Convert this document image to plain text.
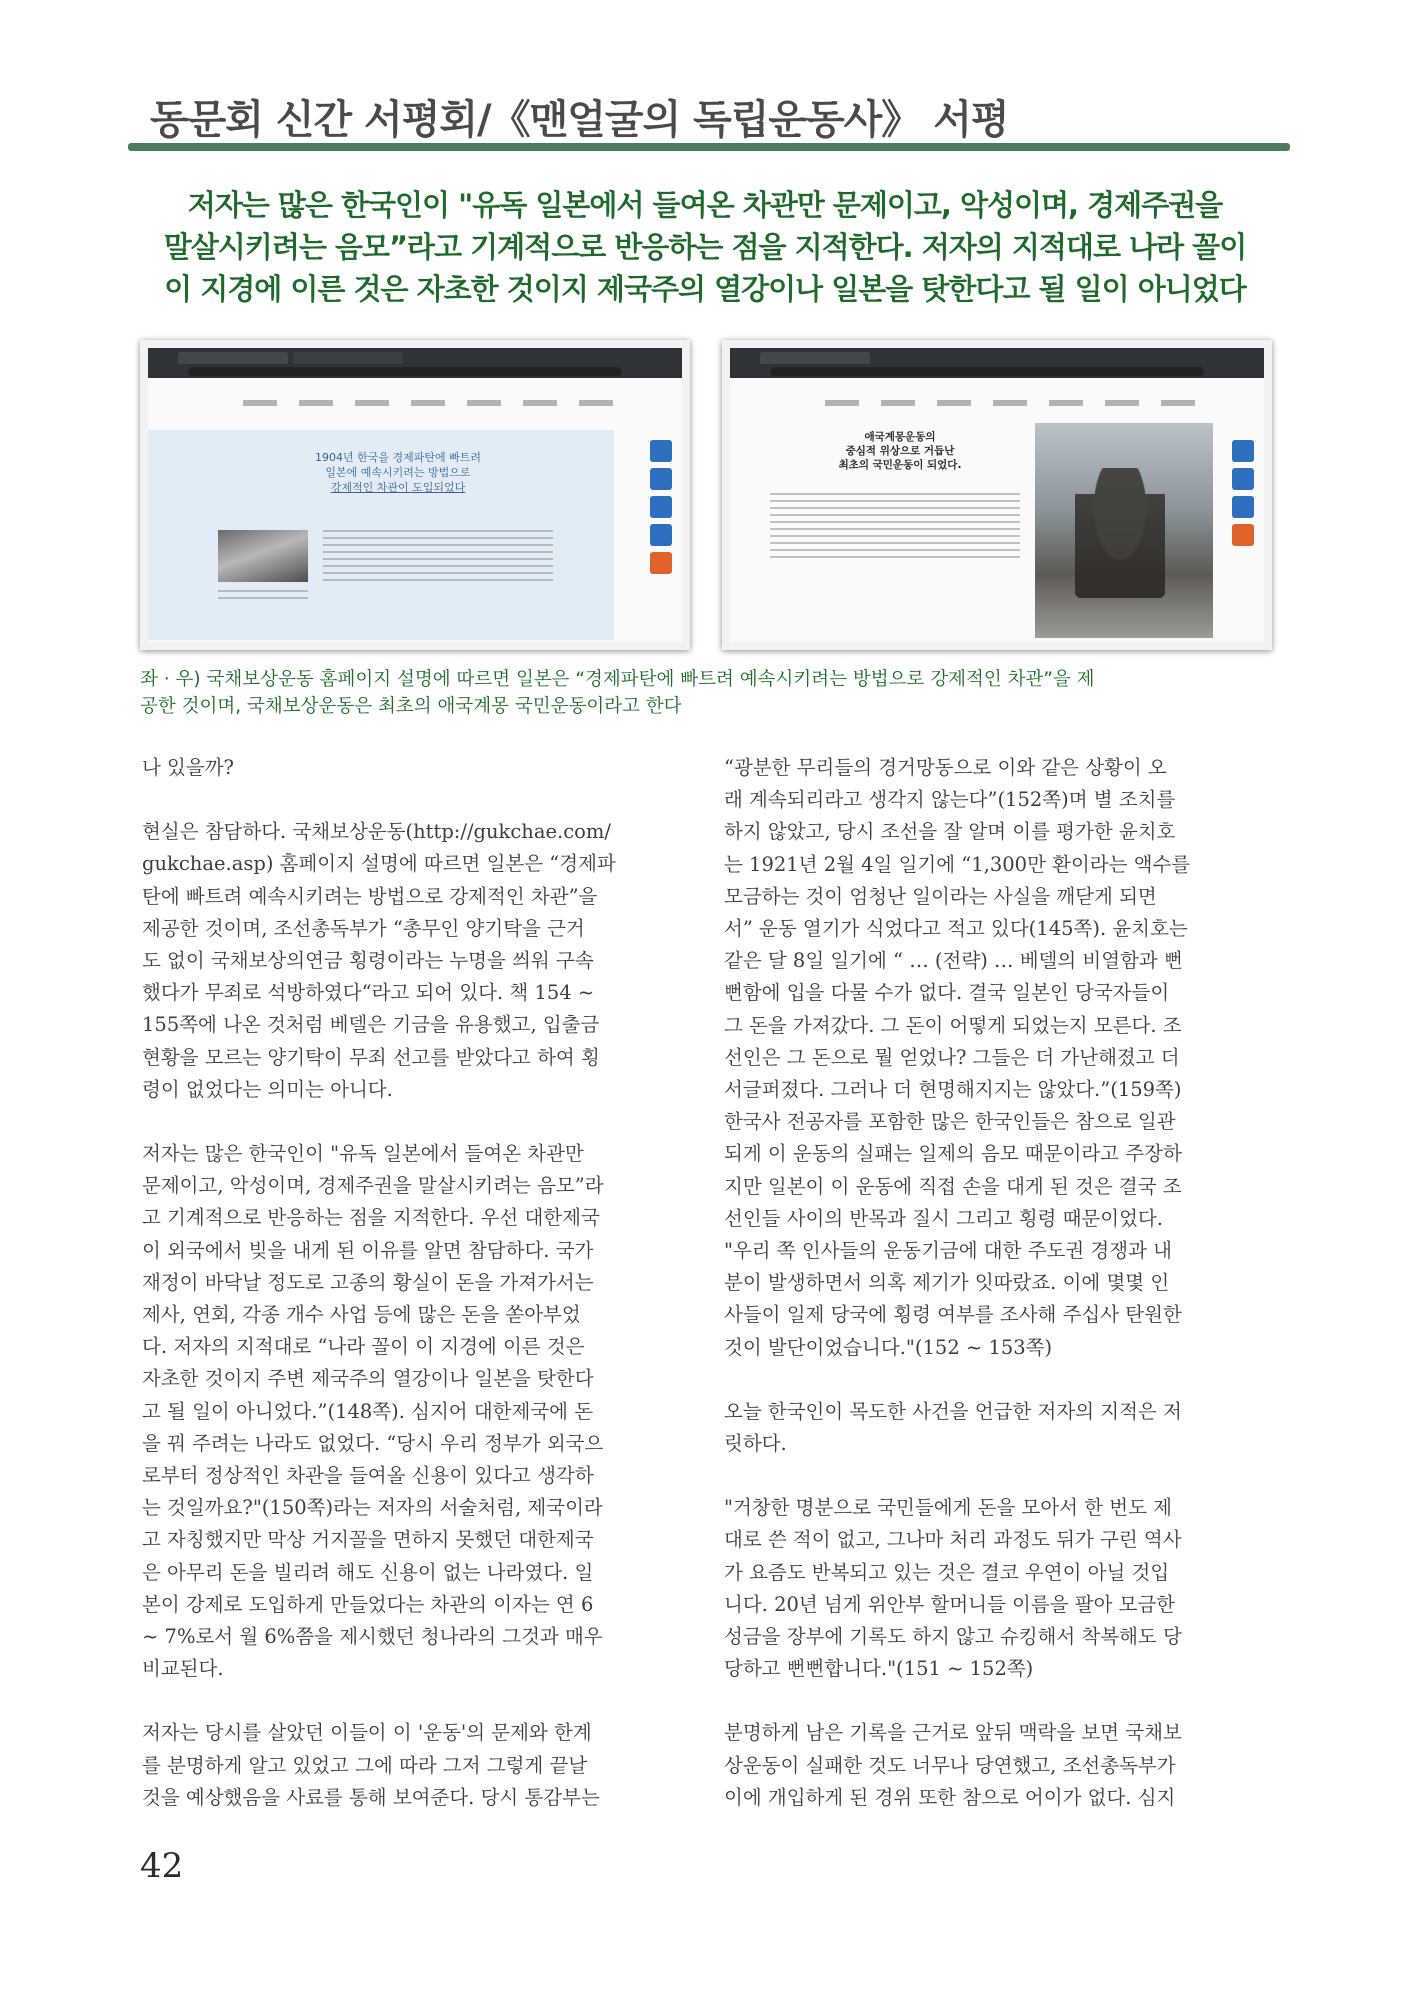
동문회 신간 서평회/《맨얼굴의 독립운동사》 서평
저자는 많은 한국인이 "유독 일본에서 들여온 차관만 문제이고, 악성이며, 경제주권을
말살시키려는 음모”라고 기계적으로 반응하는 점을 지적한다. 저자의 지적대로 나라 꼴이
이 지경에 이른 것은 자초한 것이지 제국주의 열강이나 일본을 탓한다고 될 일이 아니었다
1904년 한국을 경제파탄에 빠트려
일본에 예속시키려는 방법으로
강제적인 차관이 도입되었다
애국계몽운동의
중심적 위상으로 거듭난
최초의 국민운동이 되었다.
좌 · 우) 국채보상운동 홈페이지 설명에 따르면 일본은 “경제파탄에 빠트려 예속시키려는 방법으로 강제적인 차관”을 제
공한 것이며, 국채보상운동은 최초의 애국계몽 국민운동이라고 한다

나 있을까?

현실은 참담하다. 국채보상운동(http://gukchae.com/
gukchae.asp) 홈페이지 설명에 따르면 일본은 “경제파
탄에 빠트려 예속시키려는 방법으로 강제적인 차관”을
제공한 것이며, 조선총독부가 “총무인 양기탁을 근거
도 없이 국채보상의연금 횡령이라는 누명을 씌워 구속
했다가 무죄로 석방하였다“라고 되어 있다. 책 154 ~
155쪽에 나온 것처럼 베델은 기금을 유용했고, 입출금
현황을 모르는 양기탁이 무죄 선고를 받았다고 하여 횡
령이 없었다는 의미는 아니다.

저자는 많은 한국인이 "유독 일본에서 들여온 차관만
문제이고, 악성이며, 경제주권을 말살시키려는 음모”라
고 기계적으로 반응하는 점을 지적한다. 우선 대한제국
이 외국에서 빚을 내게 된 이유를 알면 참담하다. 국가
재정이 바닥날 정도로 고종의 황실이 돈을 가져가서는
제사, 연회, 각종 개수 사업 등에 많은 돈을 쏟아부었
다. 저자의 지적대로 “나라 꼴이 이 지경에 이른 것은
자초한 것이지 주변 제국주의 열강이나 일본을 탓한다
고 될 일이 아니었다.”(148쪽). 심지어 대한제국에 돈
을 꿔 주려는 나라도 없었다. “당시 우리 정부가 외국으
로부터 정상적인 차관을 들여올 신용이 있다고 생각하
는 것일까요?"(150쪽)라는 저자의 서술처럼, 제국이라
고 자칭했지만 막상 거지꼴을 면하지 못했던 대한제국
은 아무리 돈을 빌리려 해도 신용이 없는 나라였다. 일
본이 강제로 도입하게 만들었다는 차관의 이자는 연 6
~ 7%로서 월 6%쯤을 제시했던 청나라의 그것과 매우
비교된다.

저자는 당시를 살았던 이들이 이 '운동'의 문제와 한계
를 분명하게 알고 있었고 그에 따라 그저 그렇게 끝날
것을 예상했음을 사료를 통해 보여준다. 당시 통감부는

“광분한 무리들의 경거망동으로 이와 같은 상황이 오
래 계속되리라고 생각지 않는다”(152쪽)며 별 조치를
하지 않았고, 당시 조선을 잘 알며 이를 평가한 윤치호
는 1921년 2월 4일 일기에 “1,300만 환이라는 액수를
모금하는 것이 엄청난 일이라는 사실을 깨닫게 되면
서” 운동 열기가 식었다고 적고 있다(145쪽). 윤치호는
같은 달 8일 일기에 “ … (전략) … 베델의 비열함과 뻔
뻔함에 입을 다물 수가 없다. 결국 일본인 당국자들이
그 돈을 가져갔다. 그 돈이 어떻게 되었는지 모른다. 조
선인은 그 돈으로 뭘 얻었나? 그들은 더 가난해졌고 더
서글퍼졌다. 그러나 더 현명해지지는 않았다.”(159쪽)
한국사 전공자를 포함한 많은 한국인들은 참으로 일관
되게 이 운동의 실패는 일제의 음모 때문이라고 주장하
지만 일본이 이 운동에 직접 손을 대게 된 것은 결국 조
선인들 사이의 반목과 질시 그리고 횡령 때문이었다.
"우리 쪽 인사들의 운동기금에 대한 주도권 경쟁과 내
분이 발생하면서 의혹 제기가 잇따랐죠. 이에 몇몇 인
사들이 일제 당국에 횡령 여부를 조사해 주십사 탄원한
것이 발단이었습니다."(152 ~ 153쪽)

오늘 한국인이 목도한 사건을 언급한 저자의 지적은 저
릿하다.

"거창한 명분으로 국민들에게 돈을 모아서 한 번도 제
대로 쓴 적이 없고, 그나마 처리 과정도 뒤가 구린 역사
가 요즘도 반복되고 있는 것은 결코 우연이 아닐 것입
니다. 20년 넘게 위안부 할머니들 이름을 팔아 모금한
성금을 장부에 기록도 하지 않고 슈킹해서 착복해도 당
당하고 뻔뻔합니다."(151 ~ 152쪽)

분명하게 남은 기록을 근거로 앞뒤 맥락을 보면 국채보
상운동이 실패한 것도 너무나 당연했고, 조선총독부가
이에 개입하게 된 경위 또한 참으로 어이가 없다. 심지

42
